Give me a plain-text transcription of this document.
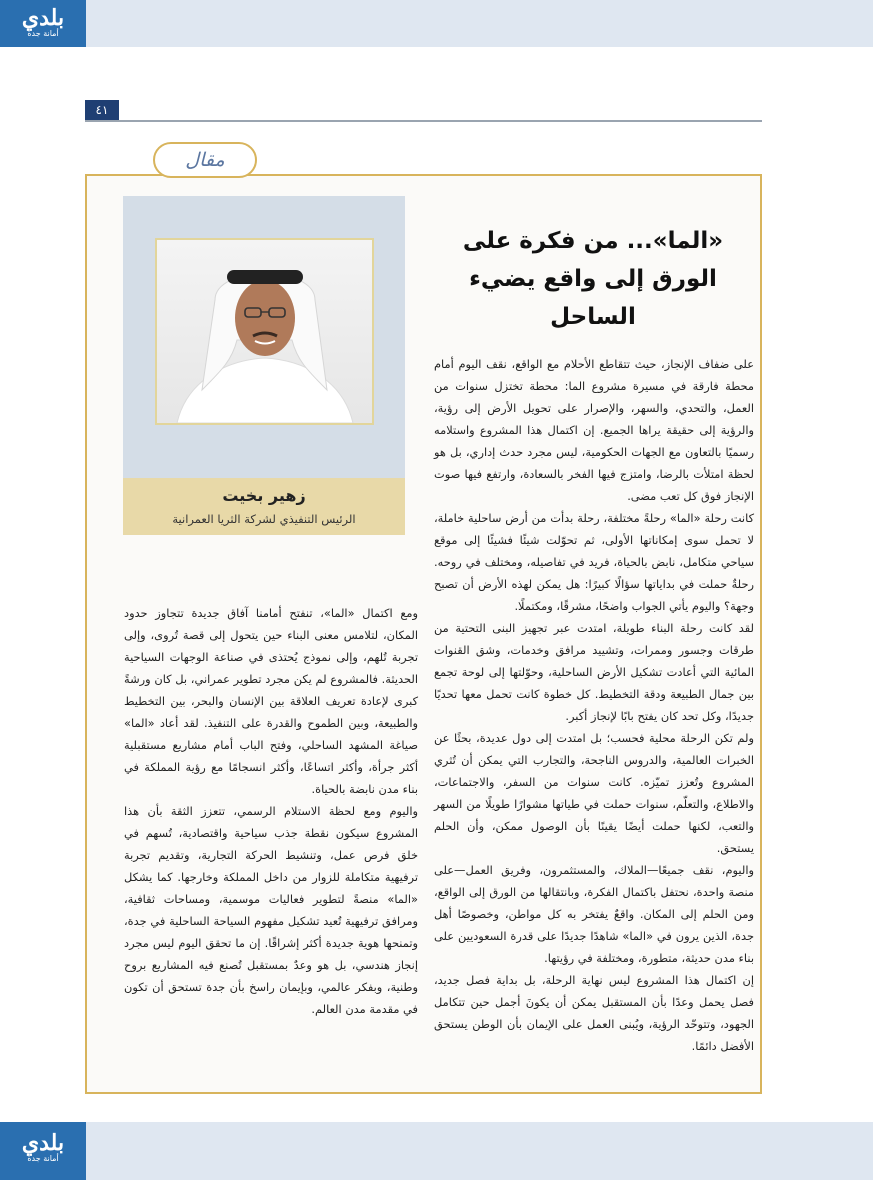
بلدي
أمانة جدة
٤١
مقال
«الما»... من فكرة على الورق إلى واقع يضيء الساحل
زهير بخيت
الرئيس التنفيذي لشركة الثريا العمرانية

على ضفاف الإنجاز، حيث تتقاطع الأحلام مع الواقع، نقف اليوم أمام محطة فارقة في مسيرة مشروع الما: محطة تختزل سنوات من العمل، والتحدي، والسهر، والإصرار على تحويل الأرض إلى رؤية، والرؤية إلى حقيقة يراها الجميع. إن اكتمال هذا المشروع واستلامه رسميًا بالتعاون مع الجهات الحكومية، ليس مجرد حدث إداري، بل هو لحظة امتلأت بالرضا، وامتزج فيها الفخر بالسعادة، وارتفع فيها صوت الإنجاز فوق كل تعب مضى.

كانت رحلة «الما» رحلةً مختلفة، رحلة بدأت من أرض ساحلية خاملة، لا تحمل سوى إمكاناتها الأولى، ثم تحوّلت شيئًا فشيئًا إلى موقع سياحي متكامل، نابض بالحياة، فريد في تفاصيله، ومختلف في روحه. رحلةٌ حملت في بداياتها سؤالًا كبيرًا: هل يمكن لهذه الأرض أن تصبح وجهة؟ واليوم يأتي الجواب واضحًا، مشرقًا، ومكتملًا.

لقد كانت رحلة البناء طويلة، امتدت عبر تجهيز البنى التحتية من طرقات وجسور وممرات، وتشييد مرافق وخدمات، وشق القنوات المائية التي أعادت تشكيل الأرض الساحلية، وحوّلتها إلى لوحة تجمع بين جمال الطبيعة ودقة التخطيط. كل خطوة كانت تحمل معها تحديًا جديدًا، وكل تحد كان يفتح بابًا لإنجاز أكبر.

ولم تكن الرحلة محلية فحسب؛ بل امتدت إلى دول عديدة، بحثًا عن الخبرات العالمية، والدروس الناجحة، والتجارب التي يمكن أن تُثري المشروع وتُعزز تميّزه. كانت سنوات من السفر، والاجتماعات، والاطلاع، والتعلّم، سنوات حملت في طياتها مشوارًا طويلًا من السهر والتعب، لكنها حملت أيضًا يقينًا بأن الوصول ممكن، وأن الحلم يستحق.

واليوم، نقف جميعًا—الملاك، والمستثمرون، وفريق العمل—على منصة واحدة، نحتفل باكتمال الفكرة، وبانتقالها من الورق إلى الواقع، ومن الحلم إلى المكان. واقعٌ يفتخر به كل مواطن، وخصوصًا أهل جدة، الذين يرون في «الما» شاهدًا جديدًا على قدرة السعوديين على بناء مدن حديثة، متطورة، ومختلفة في رؤيتها.

إن اكتمال هذا المشروع ليس نهاية الرحلة، بل بداية فصل جديد، فصل يحمل وعدًا بأن المستقبل يمكن أن يكونَ أجمل حين تتكامل الجهود، وتتوحّد الرؤية، ويُبنى العمل على الإيمان بأن الوطن يستحق الأفضل دائمًا.

ومع اكتمال «الما»، تنفتح أمامنا آفاق جديدة تتجاوز حدود المكان، لتلامس معنى البناء حين يتحول إلى قصة تُروى، وإلى تجربة تُلهم، وإلى نموذج يُحتذى في صناعة الوجهات السياحية الحديثة. فالمشروع لم يكن مجرد تطوير عمراني، بل كان ورشةً كبرى لإعادة تعريف العلاقة بين الإنسان والبحر، بين التخطيط والطبيعة، وبين الطموح والقدرة على التنفيذ. لقد أعاد «الما» صياغة المشهد الساحلي، وفتح الباب أمام مشاريع مستقبلية أكثر جرأة، وأكثر اتساعًا، وأكثر انسجامًا مع رؤية المملكة في بناء مدن نابضة بالحياة.

واليوم ومع لحظة الاستلام الرسمي، تتعزز الثقة بأن هذا المشروع سيكون نقطة جذب سياحية واقتصادية، تُسهم في خلق فرص عمل، وتنشيط الحركة التجارية، وتقديم تجربة ترفيهية متكاملة للزوار من داخل المملكة وخارجها. كما يشكل «الما» منصةً لتطوير فعاليات موسمية، ومساحات ثقافية، ومرافق ترفيهية تُعيد تشكيل مفهوم السياحة الساحلية في جدة، وتمنحها هوية جديدة أكثر إشراقًا. إن ما تحقق اليوم ليس مجرد إنجاز هندسي، بل هو وعدٌ بمستقبل تُصنع فيه المشاريع بروح وطنية، وبفكر عالمي، وبإيمان راسخ بأن جدة تستحق أن تكون في مقدمة مدن العالم.

بلدي
أمانة جدة
